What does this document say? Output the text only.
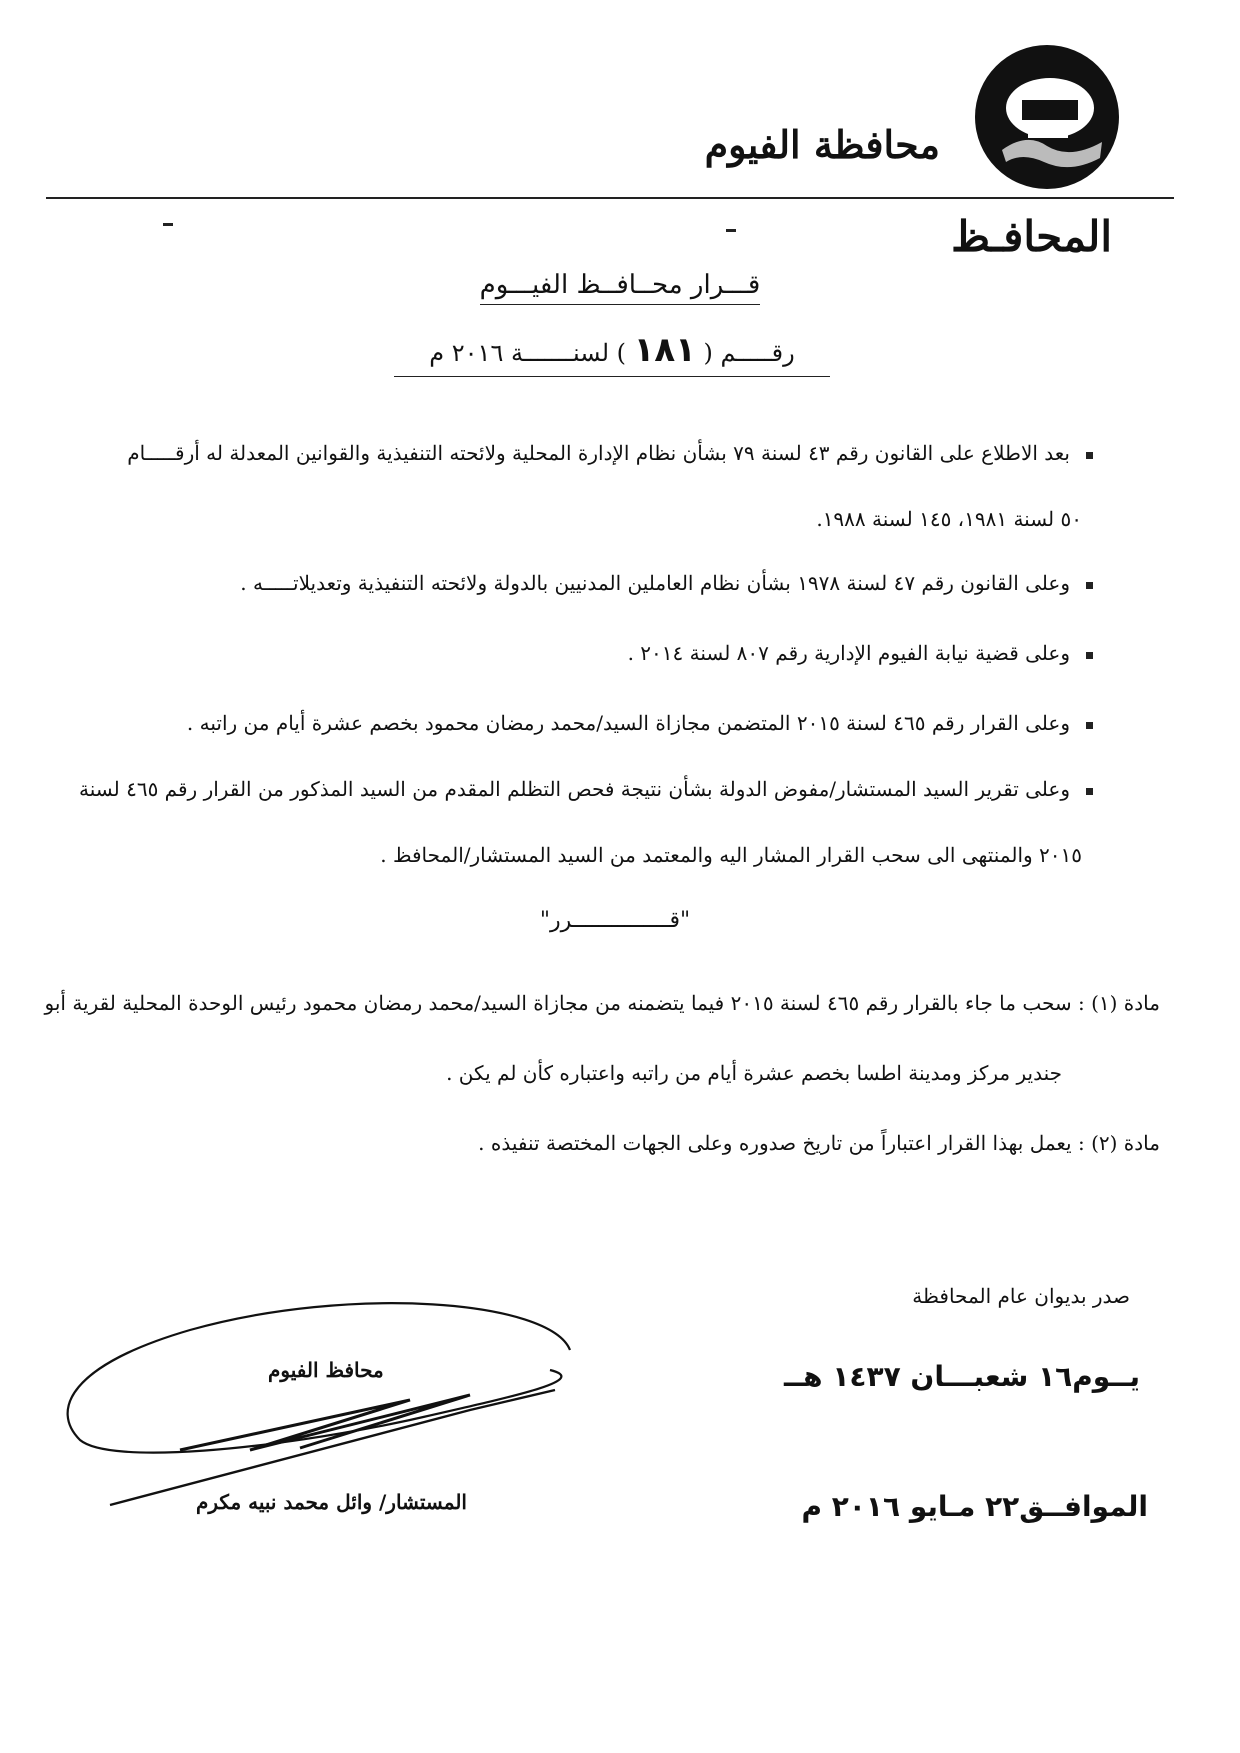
محافظة الفيوم
المحافـظ
قـــرار محــافــظ الفيـــوم
رقـــــم ( ١٨١ ) لسنـــــــة ٢٠١٦ م
بعد الاطلاع على القانون رقم ٤٣ لسنة ٧٩ بشأن نظام الإدارة المحلية ولائحته التنفيذية والقوانين المعدلة له أرقـــــام
٥٠ لسنة ١٩٨١، ١٤٥ لسنة ١٩٨٨.
وعلى القانون رقم ٤٧ لسنة ١٩٧٨ بشأن نظام العاملين المدنيين بالدولة ولائحته التنفيذية وتعديلاتـــــه .
وعلى قضية نيابة الفيوم الإدارية رقم ٨٠٧ لسنة ٢٠١٤ .
وعلى القرار رقم ٤٦٥ لسنة ٢٠١٥ المتضمن مجازاة السيد/محمد رمضان محمود بخصم عشرة أيام من راتبه .
وعلى تقرير السيد المستشار/مفوض الدولة بشأن نتيجة فحص التظلم المقدم من السيد المذكور من القرار رقم ٤٦٥ لسنة
٢٠١٥ والمنتهى الى سحب القرار المشار اليه والمعتمد من السيد المستشار/المحافظ .
"قـــــــــــــــرر"
مادة (١) : سحب ما جاء بالقرار رقم ٤٦٥ لسنة ٢٠١٥ فيما يتضمنه من مجازاة السيد/محمد رمضان محمود رئيس الوحدة المحلية لقرية أبو
جندير مركز ومدينة اطسا بخصم عشرة أيام من راتبه واعتباره كأن لم يكن .
مادة (٢) : يعمل بهذا القرار اعتباراً من تاريخ صدوره وعلى الجهات المختصة تنفيذه .
صدر بديوان عام المحافظة
يــوم١٦ شعبـــان ١٤٣٧ هــ
الموافــق٢٢ مـايو ٢٠١٦ م
محافظ الفيوم
المستشار/ وائل محمد نبيه مكرم
